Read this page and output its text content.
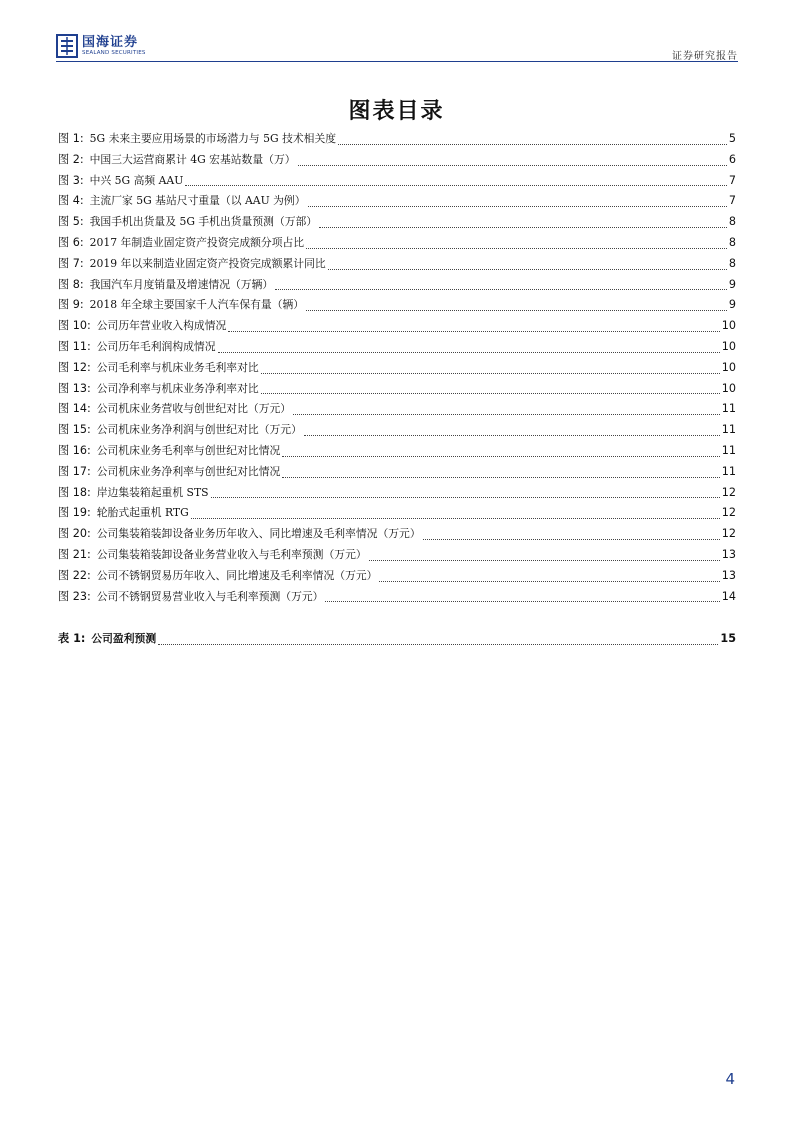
国海证券
SEALAND SECURITIES	证券研究报告
图表目录
图 1: 5G 未来主要应用场景的市场潜力与 5G 技术相关度	5
图 2: 中国三大运营商累计 4G 宏基站数量（万）	6
图 3: 中兴 5G 高频 AAU	7
图 4: 主流厂家 5G 基站尺寸重量（以 AAU 为例）	7
图 5: 我国手机出货量及 5G 手机出货量预测（万部）	8
图 6: 2017 年制造业固定资产投资完成额分项占比	8
图 7: 2019 年以来制造业固定资产投资完成额累计同比	8
图 8: 我国汽车月度销量及增速情况（万辆）	9
图 9: 2018 年全球主要国家千人汽车保有量（辆）	9
图 10: 公司历年营业收入构成情况	10
图 11: 公司历年毛利润构成情况	10
图 12: 公司毛利率与机床业务毛利率对比	10
图 13: 公司净利率与机床业务净利率对比	10
图 14: 公司机床业务营收与创世纪对比（万元）	11
图 15: 公司机床业务净利润与创世纪对比（万元）	11
图 16: 公司机床业务毛利率与创世纪对比情况	11
图 17: 公司机床业务净利率与创世纪对比情况	11
图 18: 岸边集装箱起重机 STS	12
图 19: 轮胎式起重机 RTG	12
图 20: 公司集装箱装卸设备业务历年收入、同比增速及毛利率情况（万元）	12
图 21: 公司集装箱装卸设备业务营业收入与毛利率预测（万元）	13
图 22: 公司不锈钢贸易历年收入、同比增速及毛利率情况（万元）	13
图 23: 公司不锈钢贸易营业收入与毛利率预测（万元）	14
表 1: 公司盈利预测	15
4
